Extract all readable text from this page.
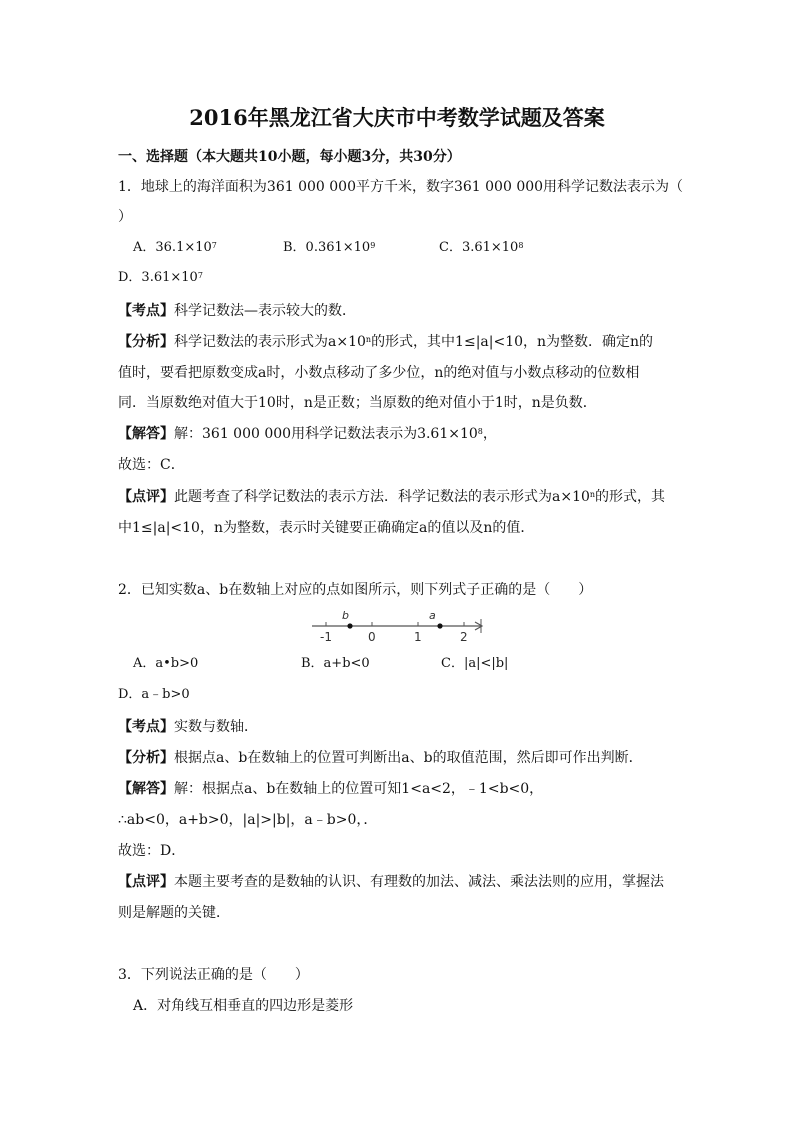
2016年黑龙江省大庆市中考数学试题及答案
一、选择题（本大题共10小题，每小题3分，共30分）
1．地球上的海洋面积为361 000 000平方千米，数字361 000 000用科学记数法表示为（
）
A．$36.1\times 10^7$	B．$0.361\times 10^9$	C．$3.61\times 10^8$
D．$3.61\times 10^7$
【考点】科学记数法—表示较大的数．
【分析】科学记数法的表示形式为$a\times 10^n$的形式，其中1≤|a|<10，n为整数．确定n的
值时，要看把原数变成a时，小数点移动了多少位，n的绝对值与小数点移动的位数相
同．当原数绝对值大于10时，n是正数；当原数的绝对值小于1时，n是负数．
【解答】解：361 000 000用科学记数法表示为$3.61\times 10^8$，
故选：C．
【点评】此题考查了科学记数法的表示方法．科学记数法的表示形式为$a\times 10^n$的形式，其
中1≤|a|<10，n为整数，表示时关键要正确确定a的值以及n的值．
2．已知实数a、b在数轴上对应的点如图所示，则下列式子正确的是（　　）
b	a
-1	0	1	2
A．a•b>0	B．a+b<0	C．|a|<|b|
D．a﹣b>0
【考点】实数与数轴．
【分析】根据点a、b在数轴上的位置可判断出a、b的取值范围，然后即可作出判断．
【解答】解：根据点a、b在数轴上的位置可知1<a<2，﹣1<b<0，
∴ab<0，a+b>0，|a|>|b|，a﹣b>0，．
故选：D．
【点评】本题主要考查的是数轴的认识、有理数的加法、减法、乘法法则的应用，掌握法
则是解题的关键．
3．下列说法正确的是（　　）
A．对角线互相垂直的四边形是菱形
